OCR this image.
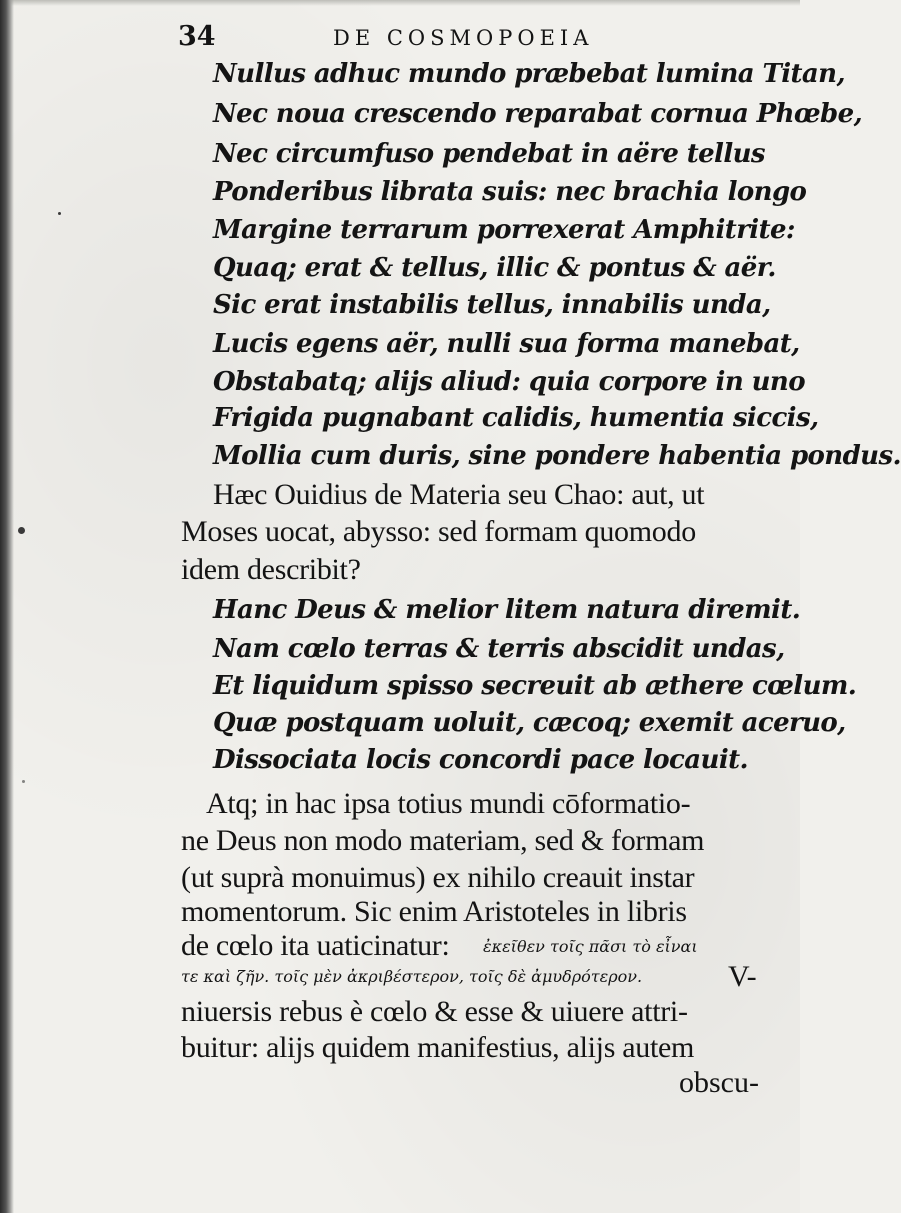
34	DE COSMOPOEIA
Nullus adhuc mundo præbebat lumina Titan,
Nec noua crescendo reparabat cornua Phœbe,
Nec circumfuso pendebat in aëre tellus
Ponderibus librata suis: nec brachia longo
Margine terrarum porrexerat Amphitrite:
Quaq; erat & tellus, illic & pontus & aër.
Sic erat instabilis tellus, innabilis unda,
Lucis egens aër, nulli sua forma manebat,
Obstabatq; alijs aliud: quia corpore in uno
Frigida pugnabant calidis, humentia siccis,
Mollia cum duris, sine pondere habentia pondus.
Hæc Ouidius de Materia seu Chao: aut, ut
Moses uocat, abysso: sed formam quomodo
idem describit?
Hanc Deus & melior litem natura diremit.
Nam cœlo terras & terris abscidit undas,
Et liquidum spisso secreuit ab æthere cœlum.
Quæ postquam uoluit, cæcoq; exemit aceruo,
Dissociata locis concordi pace locauit.
Atq; in hac ipsa totius mundi cōformatio-
ne Deus non modo materiam, sed & formam
(ut suprà monuimus) ex nihilo creauit instar
momentorum. Sic enim Aristoteles in libris
de cœlo ita uaticinatur: ἐκεῖθεν τοῖς πᾶσι τὸ εἶναι
τε καὶ ζῆν. τοῖς μὲν ἀκριβέστερον, τοῖς δὲ ἀμυδρότερον.	V-
niuersis rebus è cœlo & esse & uiuere attri-
buitur: alijs quidem manifestius, alijs autem
obscu-
